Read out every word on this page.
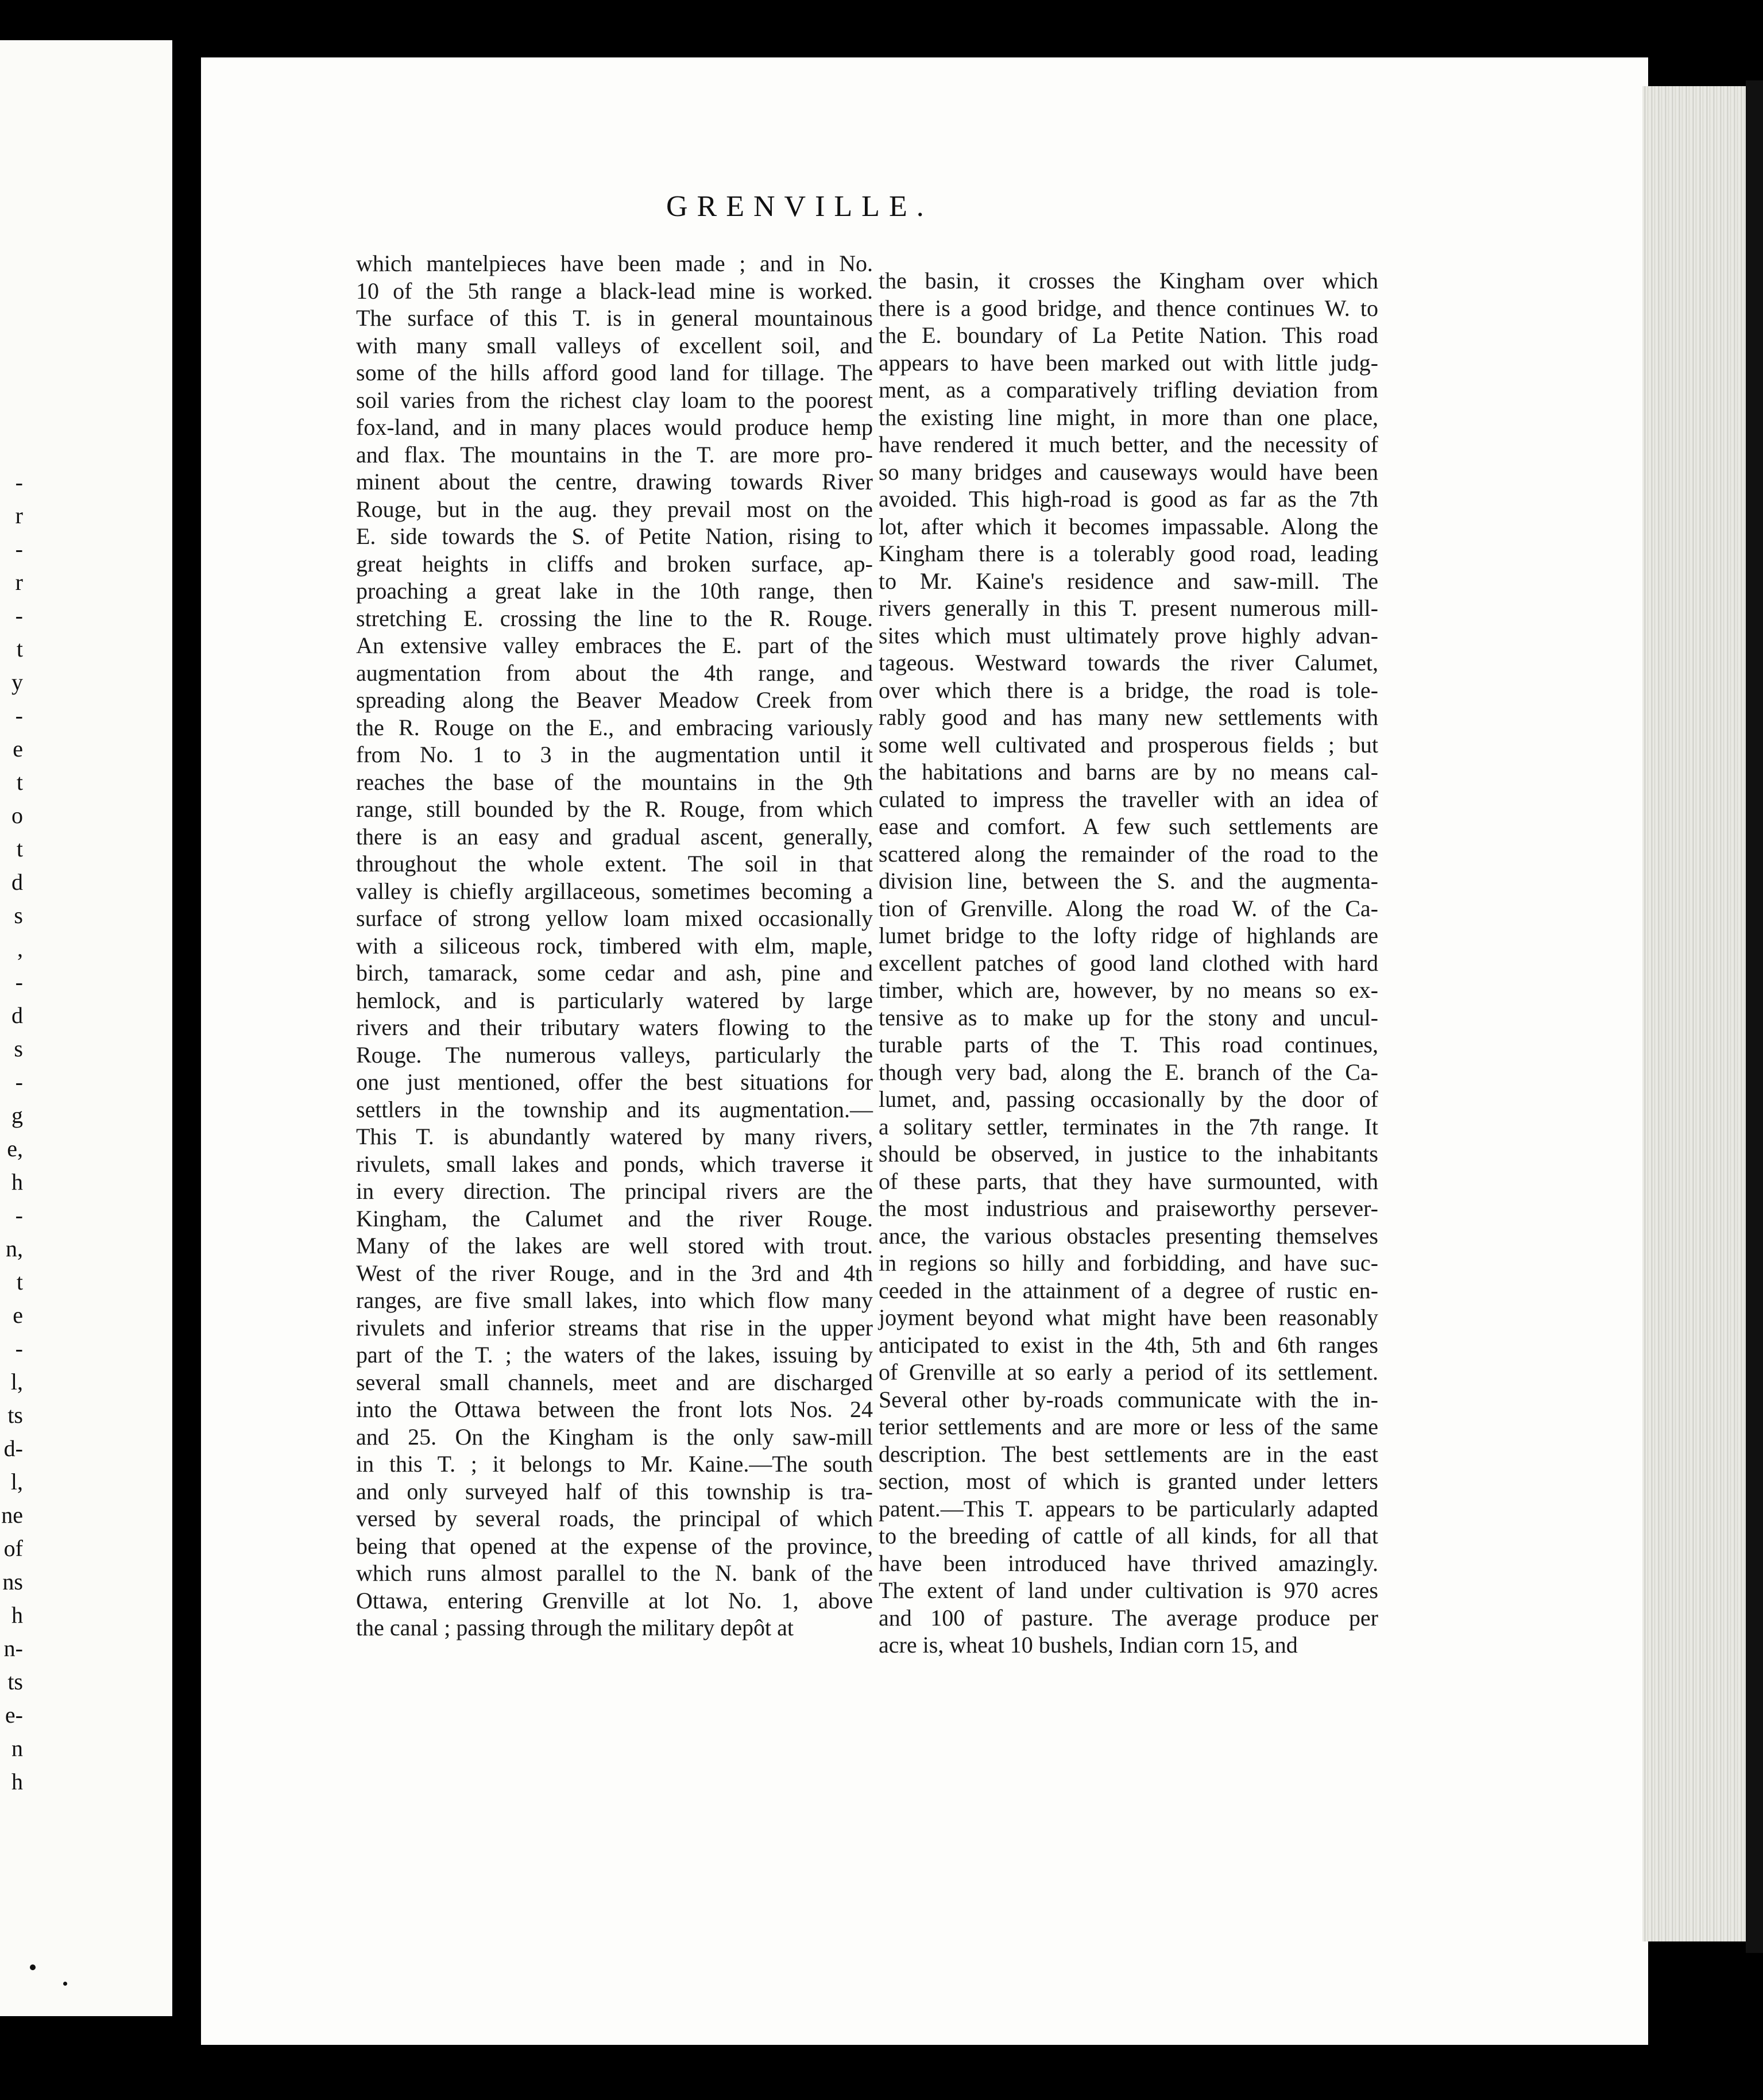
GRENVILLE.
-
r
-
r
-
t
y
-
e
t
o
t
d
s
,
-
d
s
-
g
e,
h
-
n,
t
e
-
l,
ts
d-
l,
ne
of
ns
h
n-
ts
e-
n
h
which mantelpieces have been made ; and in No.
10 of the 5th range a black-lead mine is worked.
The surface of this T. is in general mountainous
with many small valleys of excellent soil, and
some of the hills afford good land for tillage. The
soil varies from the richest clay loam to the poorest
fox-land, and in many places would produce hemp
and flax. The mountains in the T. are more pro-
minent about the centre, drawing towards River
Rouge, but in the aug. they prevail most on the
E. side towards the S. of Petite Nation, rising to
great heights in cliffs and broken surface, ap-
proaching a great lake in the 10th range, then
stretching E. crossing the line to the R. Rouge.
An extensive valley embraces the E. part of the
augmentation from about the 4th range, and
spreading along the Beaver Meadow Creek from
the R. Rouge on the E., and embracing variously
from No. 1 to 3 in the augmentation until it
reaches the base of the mountains in the 9th
range, still bounded by the R. Rouge, from which
there is an easy and gradual ascent, generally,
throughout the whole extent. The soil in that
valley is chiefly argillaceous, sometimes becoming a
surface of strong yellow loam mixed occasionally
with a siliceous rock, timbered with elm, maple,
birch, tamarack, some cedar and ash, pine and
hemlock, and is particularly watered by large
rivers and their tributary waters flowing to the
Rouge. The numerous valleys, particularly the
one just mentioned, offer the best situations for
settlers in the township and its augmentation.—
This T. is abundantly watered by many rivers,
rivulets, small lakes and ponds, which traverse it
in every direction. The principal rivers are the
Kingham, the Calumet and the river Rouge.
Many of the lakes are well stored with trout.
West of the river Rouge, and in the 3rd and 4th
ranges, are five small lakes, into which flow many
rivulets and inferior streams that rise in the upper
part of the T. ; the waters of the lakes, issuing by
several small channels, meet and are discharged
into the Ottawa between the front lots Nos. 24
and 25. On the Kingham is the only saw-mill
in this T. ; it belongs to Mr. Kaine.—The south
and only surveyed half of this township is tra-
versed by several roads, the principal of which
being that opened at the expense of the province,
which runs almost parallel to the N. bank of the
Ottawa, entering Grenville at lot No. 1, above
the canal ; passing through the military depôt at
the basin, it crosses the Kingham over which
there is a good bridge, and thence continues W. to
the E. boundary of La Petite Nation. This road
appears to have been marked out with little judg-
ment, as a comparatively trifling deviation from
the existing line might, in more than one place,
have rendered it much better, and the necessity of
so many bridges and causeways would have been
avoided. This high-road is good as far as the 7th
lot, after which it becomes impassable. Along the
Kingham there is a tolerably good road, leading
to Mr. Kaine's residence and saw-mill. The
rivers generally in this T. present numerous mill-
sites which must ultimately prove highly advan-
tageous. Westward towards the river Calumet,
over which there is a bridge, the road is tole-
rably good and has many new settlements with
some well cultivated and prosperous fields ; but
the habitations and barns are by no means cal-
culated to impress the traveller with an idea of
ease and comfort. A few such settlements are
scattered along the remainder of the road to the
division line, between the S. and the augmenta-
tion of Grenville. Along the road W. of the Ca-
lumet bridge to the lofty ridge of highlands are
excellent patches of good land clothed with hard
timber, which are, however, by no means so ex-
tensive as to make up for the stony and uncul-
turable parts of the T. This road continues,
though very bad, along the E. branch of the Ca-
lumet, and, passing occasionally by the door of
a solitary settler, terminates in the 7th range. It
should be observed, in justice to the inhabitants
of these parts, that they have surmounted, with
the most industrious and praiseworthy persever-
ance, the various obstacles presenting themselves
in regions so hilly and forbidding, and have suc-
ceeded in the attainment of a degree of rustic en-
joyment beyond what might have been reasonably
anticipated to exist in the 4th, 5th and 6th ranges
of Grenville at so early a period of its settlement.
Several other by-roads communicate with the in-
terior settlements and are more or less of the same
description. The best settlements are in the east
section, most of which is granted under letters
patent.—This T. appears to be particularly adapted
to the breeding of cattle of all kinds, for all that
have been introduced have thrived amazingly.
The extent of land under cultivation is 970 acres
and 100 of pasture. The average produce per
acre is, wheat 10 bushels, Indian corn 15, and
